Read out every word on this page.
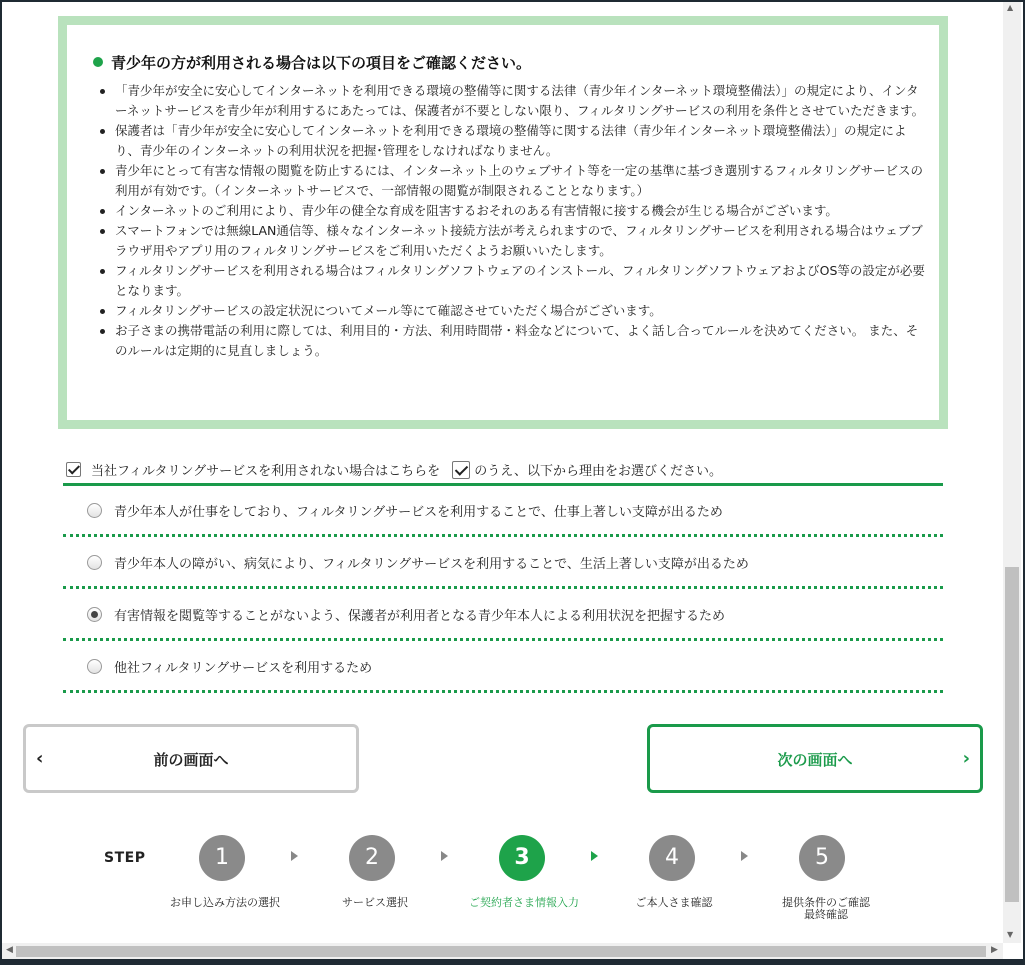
青少年の方が利用される場合は以下の項目をご確認ください。
「青少年が安全に安心してインターネットを利用できる環境の整備等に関する法律（青少年インターネット環境整備法）」の規定により、インターネットサービスを青少年が利用するにあたっては、保護者が不要としない限り、フィルタリングサービスの利用を条件とさせていただきます。
保護者は「青少年が安全に安心してインターネットを利用できる環境の整備等に関する法律（青少年インターネット環境整備法）」の規定により、青少年のインターネットの利用状況を把握･管理をしなければなりません。
青少年にとって有害な情報の閲覧を防止するには、インターネット上のウェブサイト等を一定の基準に基づき選別するフィルタリングサービスの利用が有効です。（インターネットサービスで、一部情報の閲覧が制限されることとなります。）
インターネットのご利用により、青少年の健全な育成を阻害するおそれのある有害情報に接する機会が生じる場合がございます。
スマートフォンでは無線LAN通信等、様々なインターネット接続方法が考えられますので、フィルタリングサービスを利用される場合はウェブブラウザ用やアプリ用のフィルタリングサービスをご利用いただくようお願いいたします。
フィルタリングサービスを利用される場合はフィルタリングソフトウェアのインストール、フィルタリングソフトウェアおよびOS等の設定が必要となります。
フィルタリングサービスの設定状況についてメール等にて確認させていただく場合がございます。
お子さまの携帯電話の利用に際しては、利用目的・方法、利用時間帯・料金などについて、よく話し合ってルールを決めてください。 また、そのルールは定期的に見直しましょう。
当社フィルタリングサービスを利用されない場合はこちらを	のうえ、以下から理由をお選びください。
青少年本人が仕事をしており、フィルタリングサービスを利用することで、仕事上著しい支障が出るため
青少年本人の障がい、病気により、フィルタリングサービスを利用することで、生活上著しい支障が出るため
有害情報を閲覧等することがないよう、保護者が利用者となる青少年本人による利用状況を把握するため
他社フィルタリングサービスを利用するため
‹	前の画面へ	次の画面へ	›
STEP	1	2	3	4	5
お申し込み方法の選択	サービス選択	ご契約者さま情報入力	ご本人さま確認	提供条件のご確認
最終確認
▲
▼
◀	▶
